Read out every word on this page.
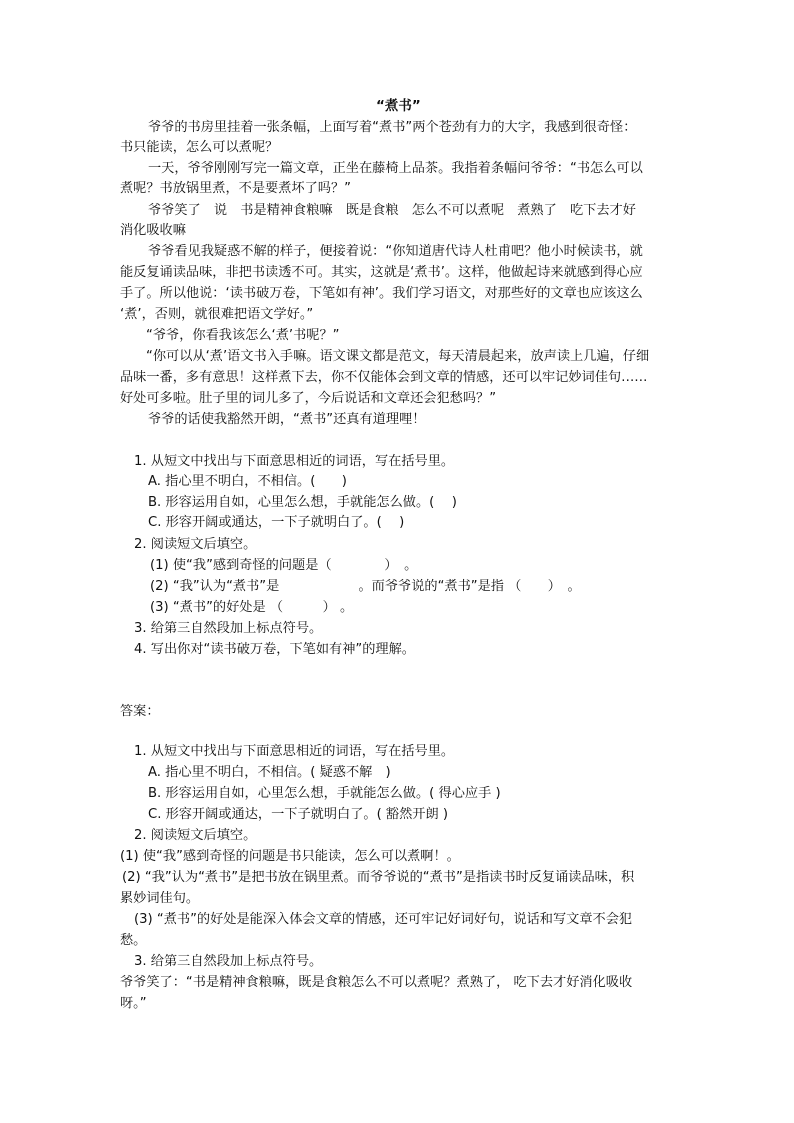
“煮书”
爷爷的书房里挂着一张条幅，上面写着“煮书”两个苍劲有力的大字，我感到很奇怪：
书只能读，怎么可以煮呢？
一天，爷爷刚刚写完一篇文章，正坐在藤椅上品茶。我指着条幅问爷爷：“书怎么可以
煮呢？书放锅里煮，不是要煮坏了吗？”
爷爷笑了　说　书是精神食粮嘛　既是食粮　怎么不可以煮呢　煮熟了　吃下去才好
消化吸收嘛
爷爷看见我疑惑不解的样子，便接着说：“你知道唐代诗人杜甫吧？他小时候读书，就
能反复诵读品味，非把书读透不可。其实，这就是‘煮书’。这样，他做起诗来就感到得心应
手了。所以他说：‘读书破万卷，下笔如有神’。我们学习语文，对那些好的文章也应该这么
‘煮’，否则，就很难把语文学好。”
“爷爷，你看我该怎么‘煮’书呢？”
“你可以从‘煮’语文书入手嘛。语文课文都是范文，每天清晨起来，放声读上几遍，仔细
品味一番，多有意思！这样煮下去，你不仅能体会到文章的情感，还可以牢记妙词佳句……
好处可多啦。肚子里的词儿多了，今后说话和文章还会犯愁吗？”
爷爷的话使我豁然开朗，“煮书”还真有道理哩！
1. 从短文中找出与下面意思相近的词语，写在括号里。
A. 指心里不明白，不相信。(　　)
B. 形容运用自如，心里怎么想，手就能怎么做。(　 )
C. 形容开阔或通达，一下子就明白了。(　 )
2. 阅读短文后填空。
(1) 使“我”感到奇怪的问题是（　　　　）　。
(2) “我”认为“煮书”是　　　　　　。而爷爷说的“煮书”是指 （　　）　。
(3) “煮书”的好处是 （　　　） 。
3. 给第三自然段加上标点符号。
4. 写出你对“读书破万卷，下笔如有神”的理解。
答案：
1. 从短文中找出与下面意思相近的词语，写在括号里。
A. 指心里不明白，不相信。( 疑惑不解　)
B. 形容运用自如，心里怎么想，手就能怎么做。( 得心应手 )
C. 形容开阔或通达，一下子就明白了。( 豁然开朗 )
2. 阅读短文后填空。
(1) 使“我”感到奇怪的问题是书只能读，怎么可以煮啊！。
(2) “我”认为“煮书”是把书放在锅里煮。而爷爷说的“煮书”是指读书时反复诵读品味，积
累妙词佳句。
(3) “煮书”的好处是能深入体会文章的情感，还可牢记好词好句，说话和写文章不会犯
愁。
3. 给第三自然段加上标点符号。
爷爷笑了：“书是精神食粮嘛，既是食粮怎么不可以煮呢？煮熟了， 吃下去才好消化吸收
呀。”
